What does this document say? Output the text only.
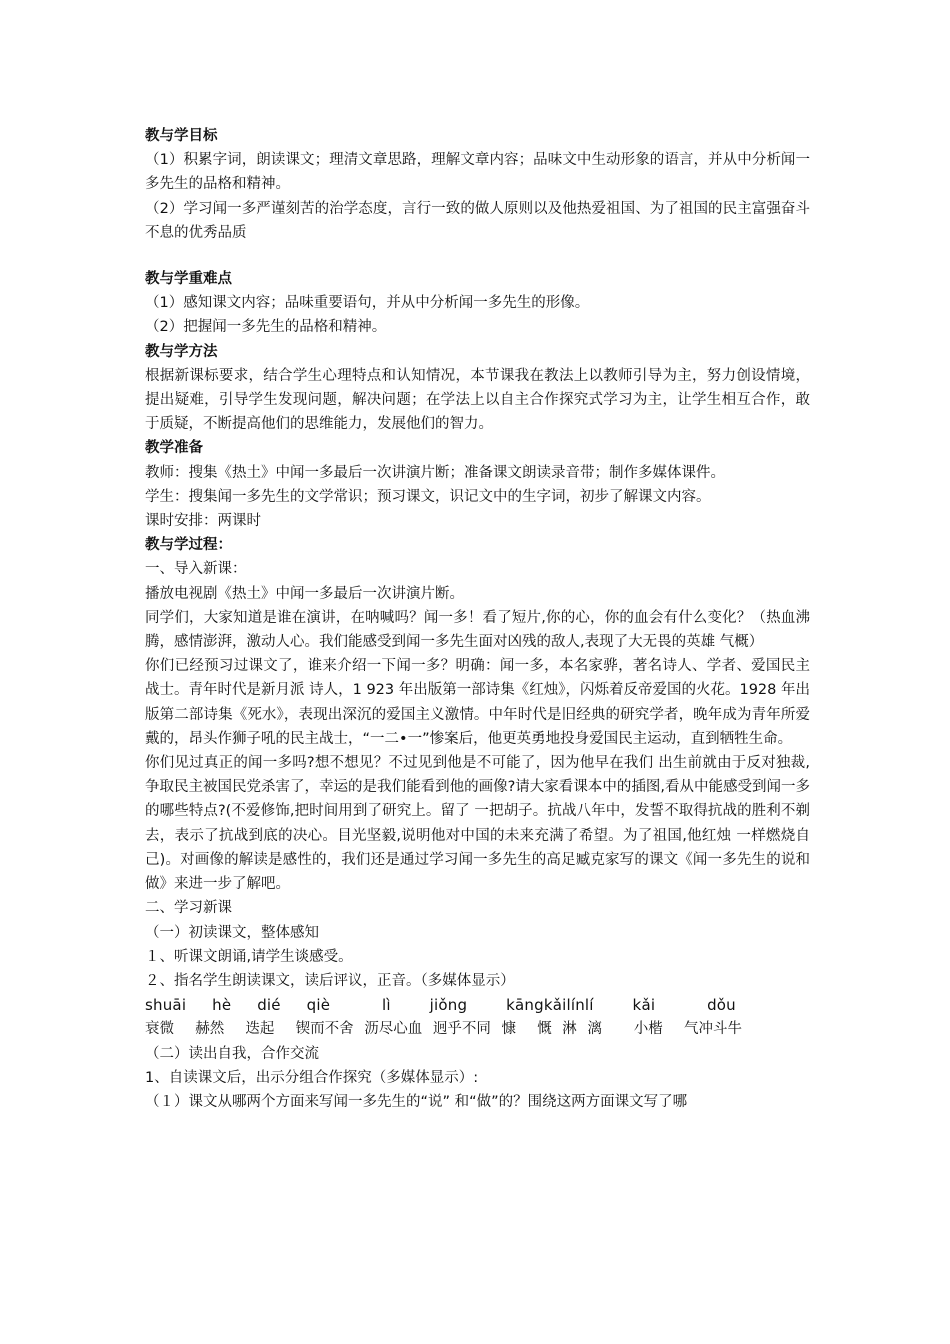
教与学目标

（1）积累字词，朗读课文；理清文章思路，理解文章内容；品味文中生动形象的语言，并从中分析闻一多先生的品格和精神。

（2）学习闻一多严谨刻苦的治学态度，言行一致的做人原则以及他热爱祖国、为了祖国的民主富强奋斗不息的优秀品质

教与学重难点

（1）感知课文内容；品味重要语句，并从中分析闻一多先生的形像。

（2）把握闻一多先生的品格和精神。

教与学方法

根据新课标要求，结合学生心理特点和认知情况，本节课我在教法上以教师引导为主，努力创设情境，提出疑难，引导学生发现问题，解决问题；在学法上以自主合作探究式学习为主，让学生相互合作，敢于质疑，不断提高他们的思维能力，发展他们的智力。

教学准备

教师：搜集《热土》中闻一多最后一次讲演片断；准备课文朗读录音带；制作多媒体课件。

学生：搜集闻一多先生的文学常识；预习课文，识记文中的生字词，初步了解课文内容。

课时安排：两课时

教与学过程：

一、导入新课：

播放电视剧《热土》中闻一多最后一次讲演片断。

同学们，大家知道是谁在演讲，在呐喊吗？闻一多！看了短片,你的心，你的血会有什么变化？（热血沸腾，感情澎湃，激动人心。我们能感受到闻一多先生面对凶残的敌人,表现了大无畏的英雄 气概）

你们已经预习过课文了，谁来介绍一下闻一多？明确：闻一多，本名家骅，著名诗人、学者、爱国民主战士。青年时代是新月派 诗人，1 923 年出版第一部诗集《红烛》，闪烁着反帝爱国的火花。1928 年出版第二部诗集《死水》，表现出深沉的爱国主义激情。中年时代是旧经典的研究学者，晚年成为青年所爱戴的，昂头作狮子吼的民主战士，“一二•一”惨案后，他更英勇地投身爱国民主运动，直到牺牲生命。

你们见过真正的闻一多吗?想不想见？不过见到他是不可能了，因为他早在我们 出生前就由于反对独裁,争取民主被国民党杀害了，幸运的是我们能看到他的画像?请大家看课本中的插图,看从中能感受到闻一多的哪些特点?(不爱修饰,把时间用到了研究上。留了 一把胡子。抗战八年中，发誓不取得抗战的胜利不剃去，表示了抗战到底的决心。目光坚毅,说明他对中国的未来充满了希望。为了祖国,他红烛 一样燃烧自己)。对画像的解读是感性的，我们还是通过学习闻一多先生的高足臧克家写的课文《闻一多先生的说和做》来进一步了解吧。

二、学习新课

（一）初读课文，整体感知

１、听课文朗诵,请学生谈感受。

２、指名学生朗读课文，读后评议，正音。（多媒体显示）

shuāi  hè  dié  qiè    lì   jiǒng   kāngkǎilínlí   kǎi    dǒu

衰微  赫然  迭起  锲而不舍 沥尽心血 迥乎不同 慷  慨 淋 漓   小楷  气冲斗牛

（二）读出自我，合作交流

1、自读课文后，出示分组合作探究（多媒体显示）:

（１）课文从哪两个方面来写闻一多先生的“说” 和“做”的？围绕这两方面课文写了哪
